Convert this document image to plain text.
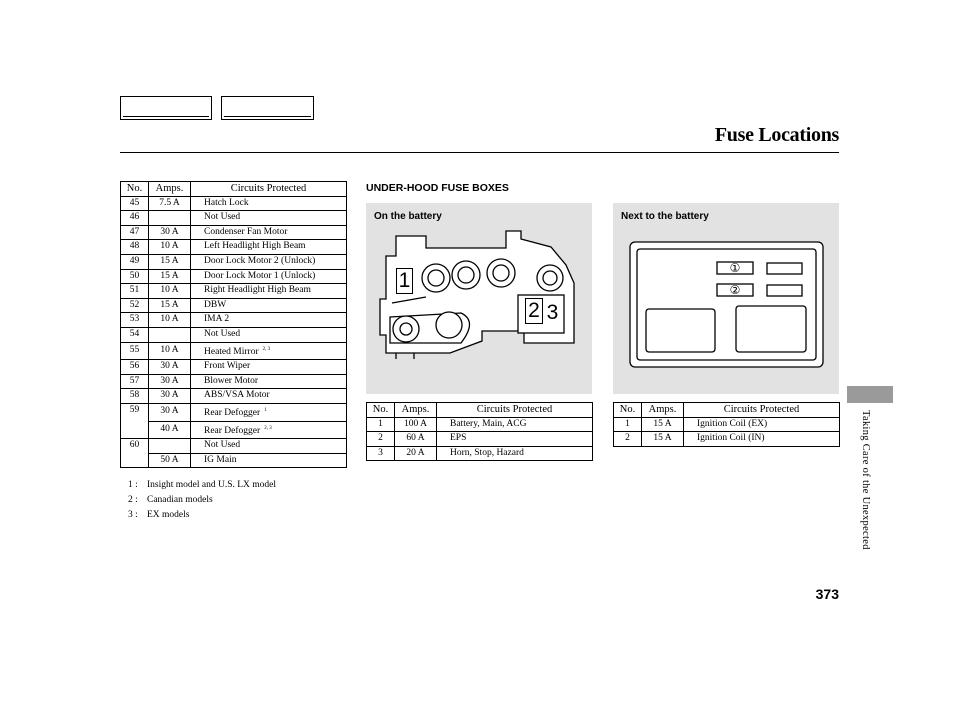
Fuse Locations
No.	Amps.	Circuits Protected
45	7.5 A	Hatch Lock
46		Not Used
47	30 A	Condenser Fan Motor
48	10 A	Left Headlight High Beam
49	15 A	Door Lock Motor 2 (Unlock)
50	15 A	Door Lock Motor 1 (Unlock)
51	10 A	Right Headlight High Beam
52	15 A	DBW
53	10 A	IMA 2
54		Not Used
55	10 A	Heated Mirror $^{2, 3}$
56	30 A	Front Wiper
57	30 A	Blower Motor
58	30 A	ABS/VSA Motor
59	30 A	Rear Defogger $^1$
	40 A	Rear Defogger $^{2, 3}$
60		Not Used
	50 A	IG Main
1 : Insight model and U.S. LX model
2 : Canadian models
3 : EX models
UNDER-HOOD FUSE BOXES
On the battery
1
2 3
No.	Amps.	Circuits Protected
1	100 A	Battery, Main, ACG
2	60 A	EPS
3	20 A	Horn, Stop, Hazard
Next to the battery
①
②
No.	Amps.	Circuits Protected
1	15 A	Ignition Coil (EX)
2	15 A	Ignition Coil (IN)	Taking Care of the Unexpected
373
